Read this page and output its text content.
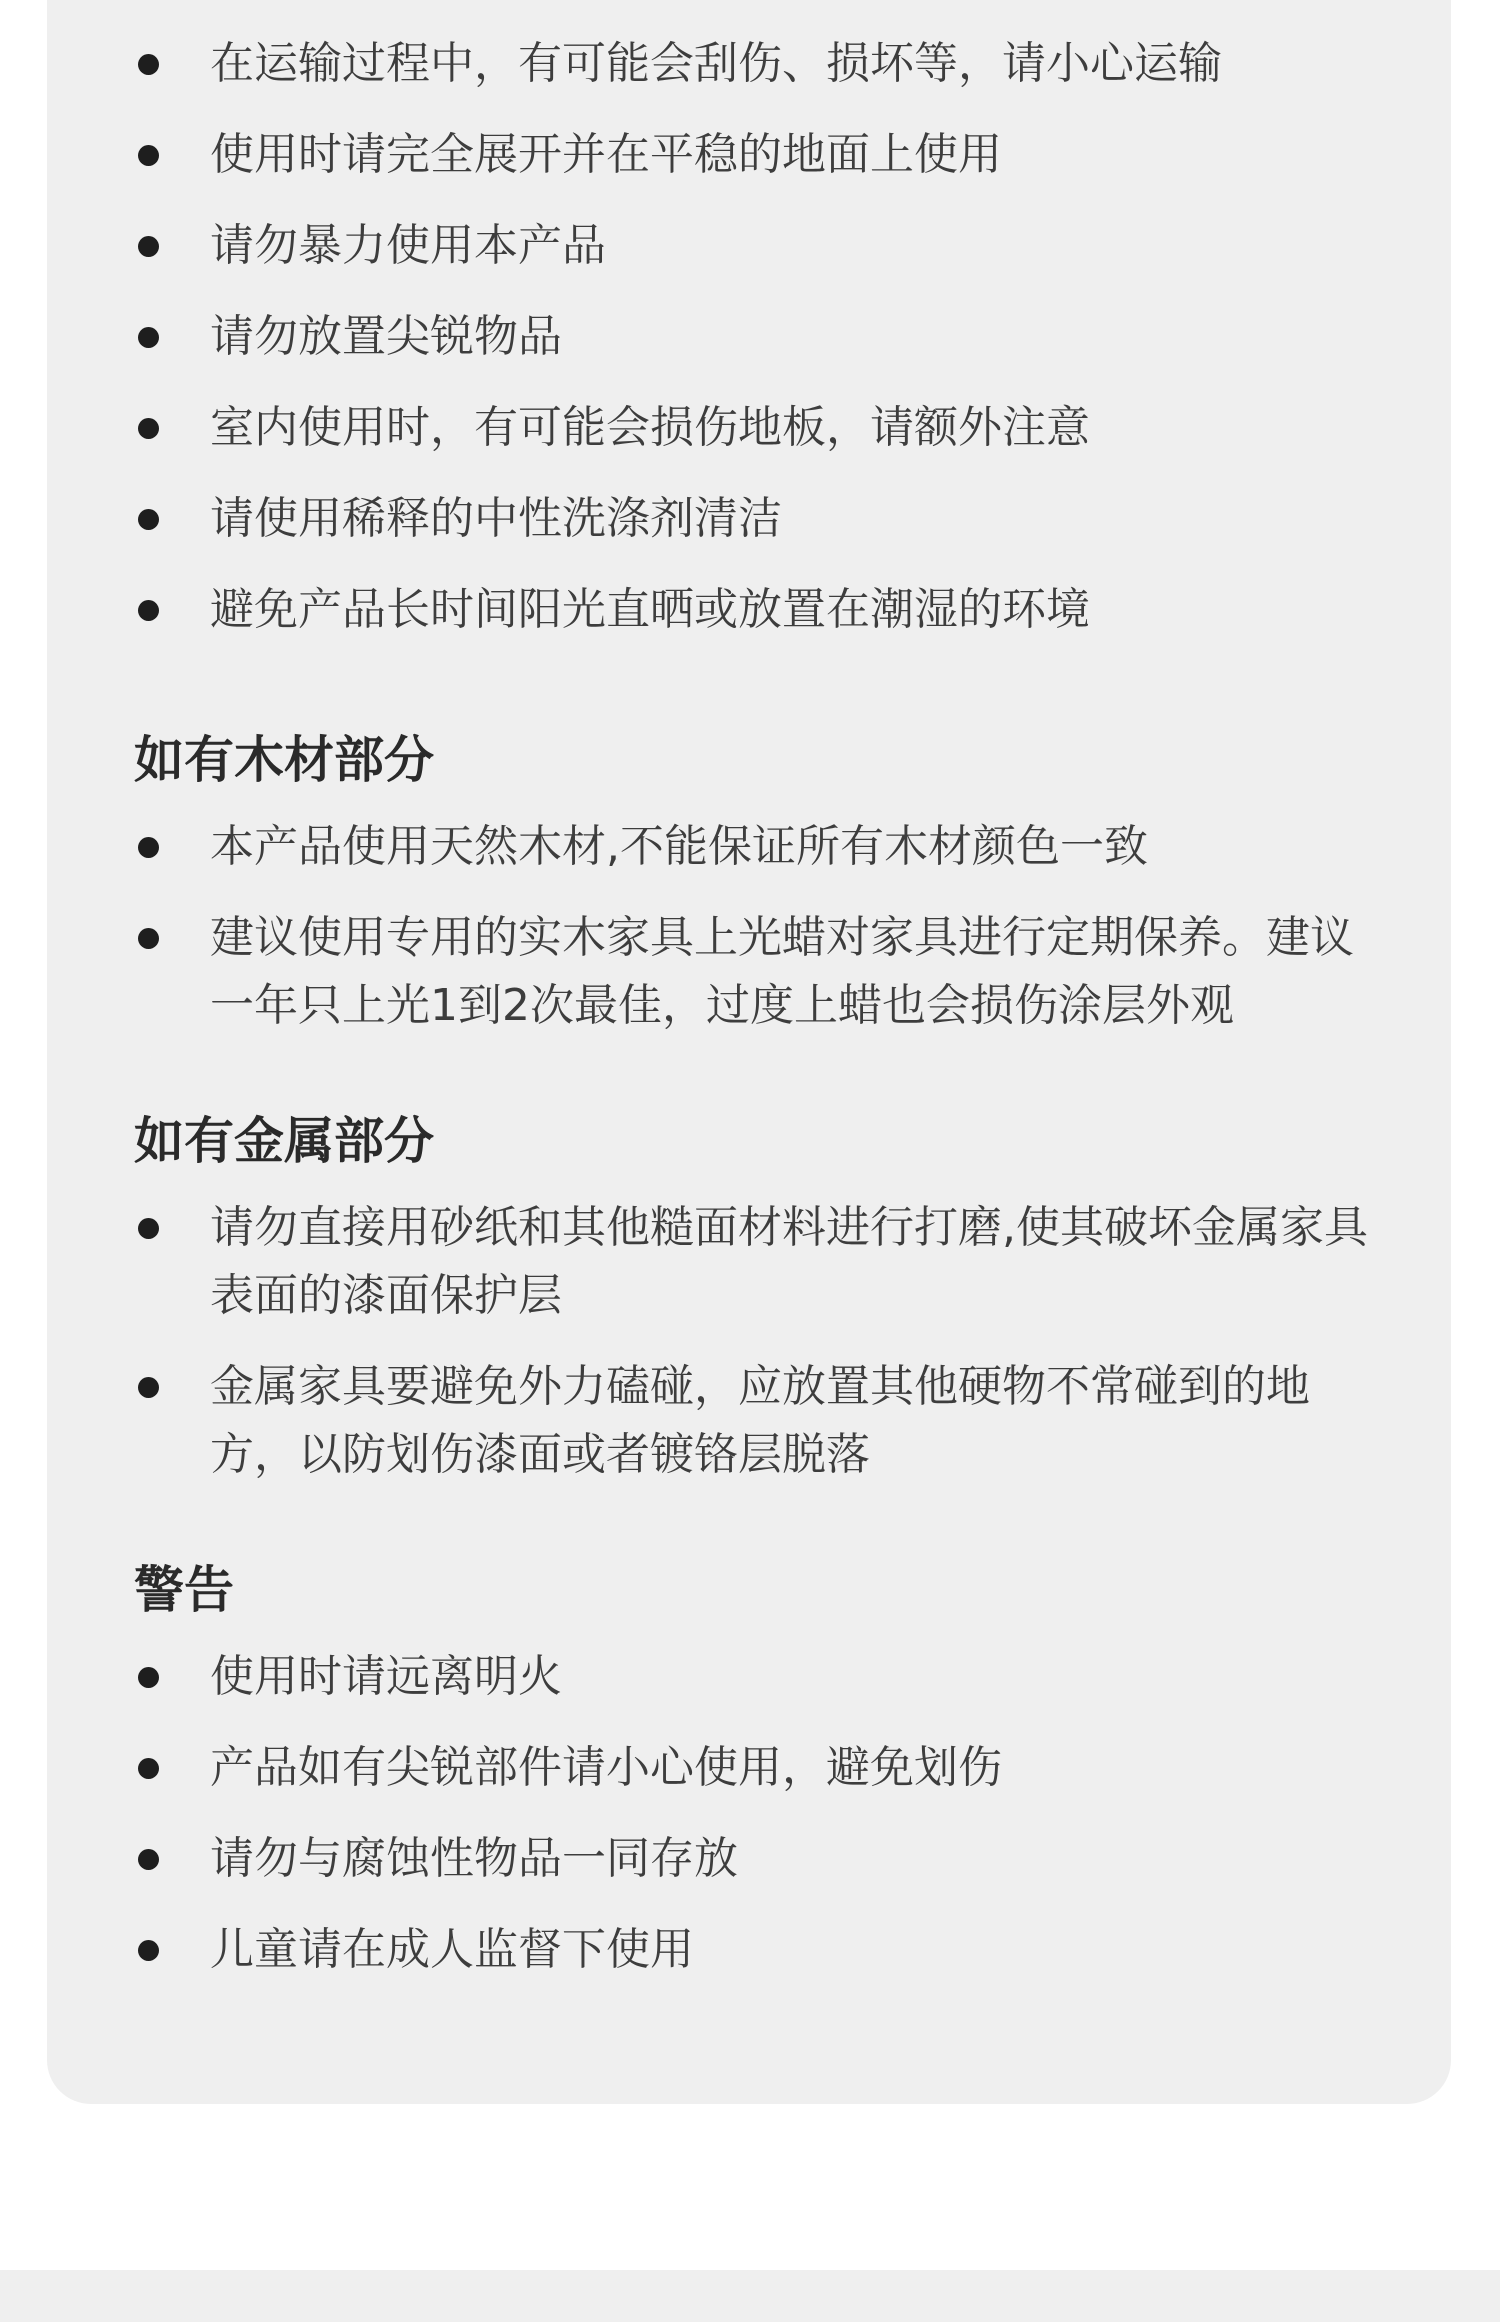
在运输过程中，有可能会刮伤、损坏等，请小心运输
使用时请完全展开并在平稳的地面上使用
请勿暴力使用本产品
请勿放置尖锐物品
室内使用时，有可能会损伤地板，请额外注意
请使用稀释的中性洗涤剂清洁
避免产品长时间阳光直晒或放置在潮湿的环境
如有木材部分
本产品使用天然木材,不能保证所有木材颜色一致
建议使用专用的实木家具上光蜡对家具进行定期保养。建议一年只上光1到2次最佳，过度上蜡也会损伤涂层外观
如有金属部分
请勿直接用砂纸和其他糙面材料进行打磨,使其破坏金属家具表面的漆面保护层
金属家具要避免外力磕碰，应放置其他硬物不常碰到的地方，以防划伤漆面或者镀铬层脱落
警告
使用时请远离明火
产品如有尖锐部件请小心使用，避免划伤
请勿与腐蚀性物品一同存放
儿童请在成人监督下使用
